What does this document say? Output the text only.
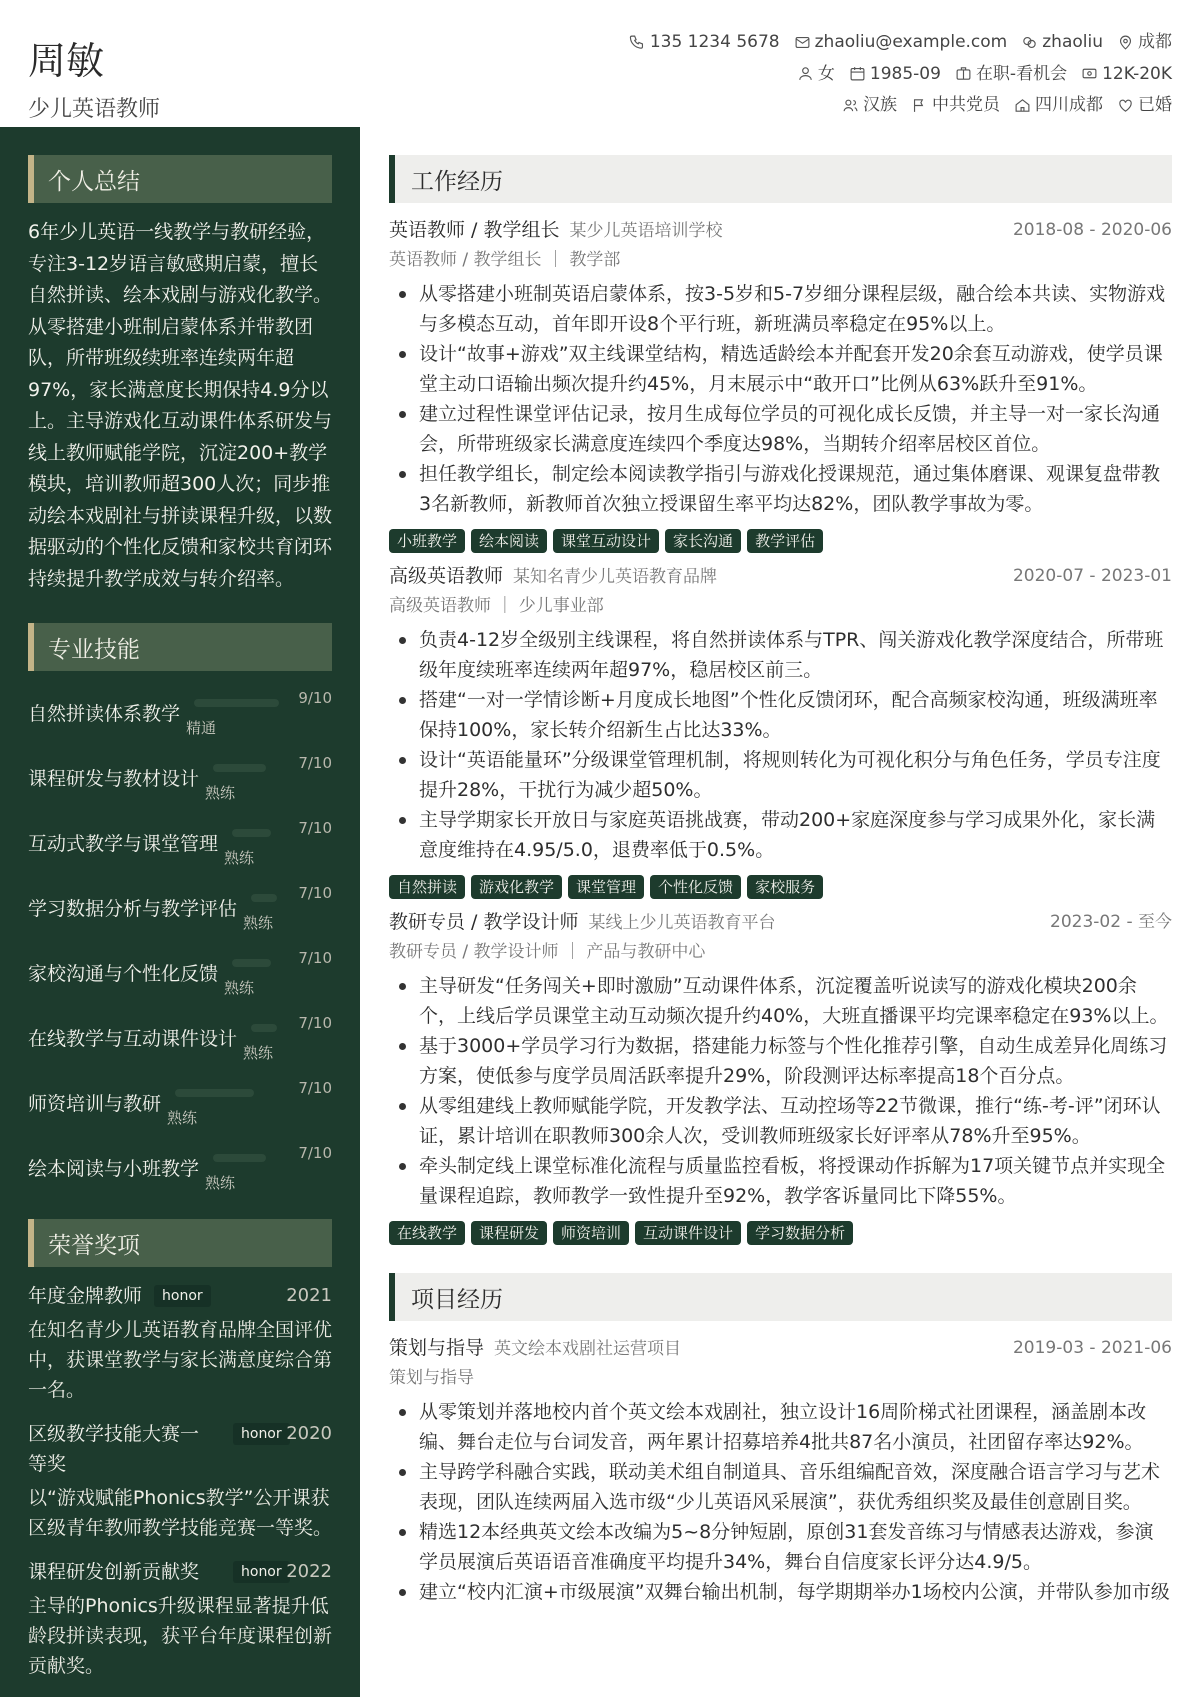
周敏
少儿英语教师
135 1234 5678 zhaoliu@example.com zhaoliu 成都
女 1985-09 在职-看机会 12K-20K
汉族 中共党员 四川成都 已婚
个人总结
6年少儿英语一线教学与教研经验，专注3-12岁语言敏感期启蒙，擅长自然拼读、绘本戏剧与游戏化教学。从零搭建小班制启蒙体系并带教团队，所带班级续班率连续两年超97%，家长满意度长期保持4.9分以上。主导游戏化互动课件体系研发与线上教师赋能学院，沉淀200+教学模块，培训教师超300人次；同步推动绘本戏剧社与拼读课程升级，以数据驱动的个性化反馈和家校共育闭环持续提升教学成效与转介绍率。
专业技能
自然拼读体系教学
精通
9/10
课程研发与教材设计
熟练
7/10
互动式教学与课堂管理
熟练
7/10
学习数据分析与教学评估
熟练
7/10
家校沟通与个性化反馈
熟练
7/10
在线教学与互动课件设计
熟练
7/10
师资培训与教研
熟练
7/10
绘本阅读与小班教学
熟练
7/10
荣誉奖项
年度金牌教师	honor	2021
在知名青少儿英语教育品牌全国评优中，获课堂教学与家长满意度综合第一名。
区级教学技能大赛一等奖
honor 2020
以“游戏赋能Phonics教学”公开课获区级青年教师教学技能竞赛一等奖。
课程研发创新贡献奖	honor 2022
主导的Phonics升级课程显著提升低龄段拼读表现，获平台年度课程创新贡献奖。
工作经历
英语教师 / 教学组长 某少儿英语培训学校	2018-08 - 2020-06
英语教师 / 教学组长 ｜ 教学部
从零搭建小班制英语启蒙体系，按3-5岁和5-7岁细分课程层级，融合绘本共读、实物游戏与多模态互动，首年即开设8个平行班，新班满员率稳定在95%以上。
设计“故事+游戏”双主线课堂结构，精选适龄绘本并配套开发20余套互动游戏，使学员课堂主动口语输出频次提升约45%，月末展示中“敢开口”比例从63%跃升至91%。
建立过程性课堂评估记录，按月生成每位学员的可视化成长反馈，并主导一对一家长沟通会，所带班级家长满意度连续四个季度达98%，当期转介绍率居校区首位。
担任教学组长，制定绘本阅读教学指引与游戏化授课规范，通过集体磨课、观课复盘带教3名新教师，新教师首次独立授课留生率平均达82%，团队教学事故为零。
小班教学 绘本阅读 课堂互动设计 家长沟通 教学评估
高级英语教师 某知名青少儿英语教育品牌	2020-07 - 2023-01
高级英语教师 ｜ 少儿事业部
负责4-12岁全级别主线课程，将自然拼读体系与TPR、闯关游戏化教学深度结合，所带班级年度续班率连续两年超97%，稳居校区前三。
搭建“一对一学情诊断+月度成长地图”个性化反馈闭环，配合高频家校沟通，班级满班率保持100%，家长转介绍新生占比达33%。
设计“英语能量环”分级课堂管理机制，将规则转化为可视化积分与角色任务，学员专注度提升28%，干扰行为减少超50%。
主导学期家长开放日与家庭英语挑战赛，带动200+家庭深度参与学习成果外化，家长满意度维持在4.95/5.0，退费率低于0.5%。
自然拼读 游戏化教学 课堂管理 个性化反馈 家校服务
教研专员 / 教学设计师 某线上少儿英语教育平台	2023-02 - 至今
教研专员 / 教学设计师 ｜ 产品与教研中心
主导研发“任务闯关+即时激励”互动课件体系，沉淀覆盖听说读写的游戏化模块200余个，上线后学员课堂主动互动频次提升约40%，大班直播课平均完课率稳定在93%以上。
基于3000+学员学习行为数据，搭建能力标签与个性化推荐引擎，自动生成差异化周练习方案，使低参与度学员周活跃率提升29%，阶段测评达标率提高18个百分点。
从零组建线上教师赋能学院，开发教学法、互动控场等22节微课，推行“练-考-评”闭环认证，累计培训在职教师300余人次，受训教师班级家长好评率从78%升至95%。
牵头制定线上课堂标准化流程与质量监控看板，将授课动作拆解为17项关键节点并实现全量课程追踪，教师教学一致性提升至92%，教学客诉量同比下降55%。
在线教学 课程研发 师资培训 互动课件设计 学习数据分析
项目经历
策划与指导 英文绘本戏剧社运营项目	2019-03 - 2021-06
策划与指导
从零策划并落地校内首个英文绘本戏剧社，独立设计16周阶梯式社团课程，涵盖剧本改编、舞台走位与台词发音，两年累计招募培养4批共87名小演员，社团留存率达92%。
主导跨学科融合实践，联动美术组自制道具、音乐组编配音效，深度融合语言学习与艺术表现，团队连续两届入选市级“少儿英语风采展演”，获优秀组织奖及最佳创意剧目奖。
精选12本经典英文绘本改编为5~8分钟短剧，原创31套发音练习与情感表达游戏，参演学员展演后英语语音准确度平均提升34%，舞台自信度家长评分达4.9/5。
建立“校内汇演+市级展演”双舞台输出机制，每学期期举办1场校内公演，并带队参加市级
